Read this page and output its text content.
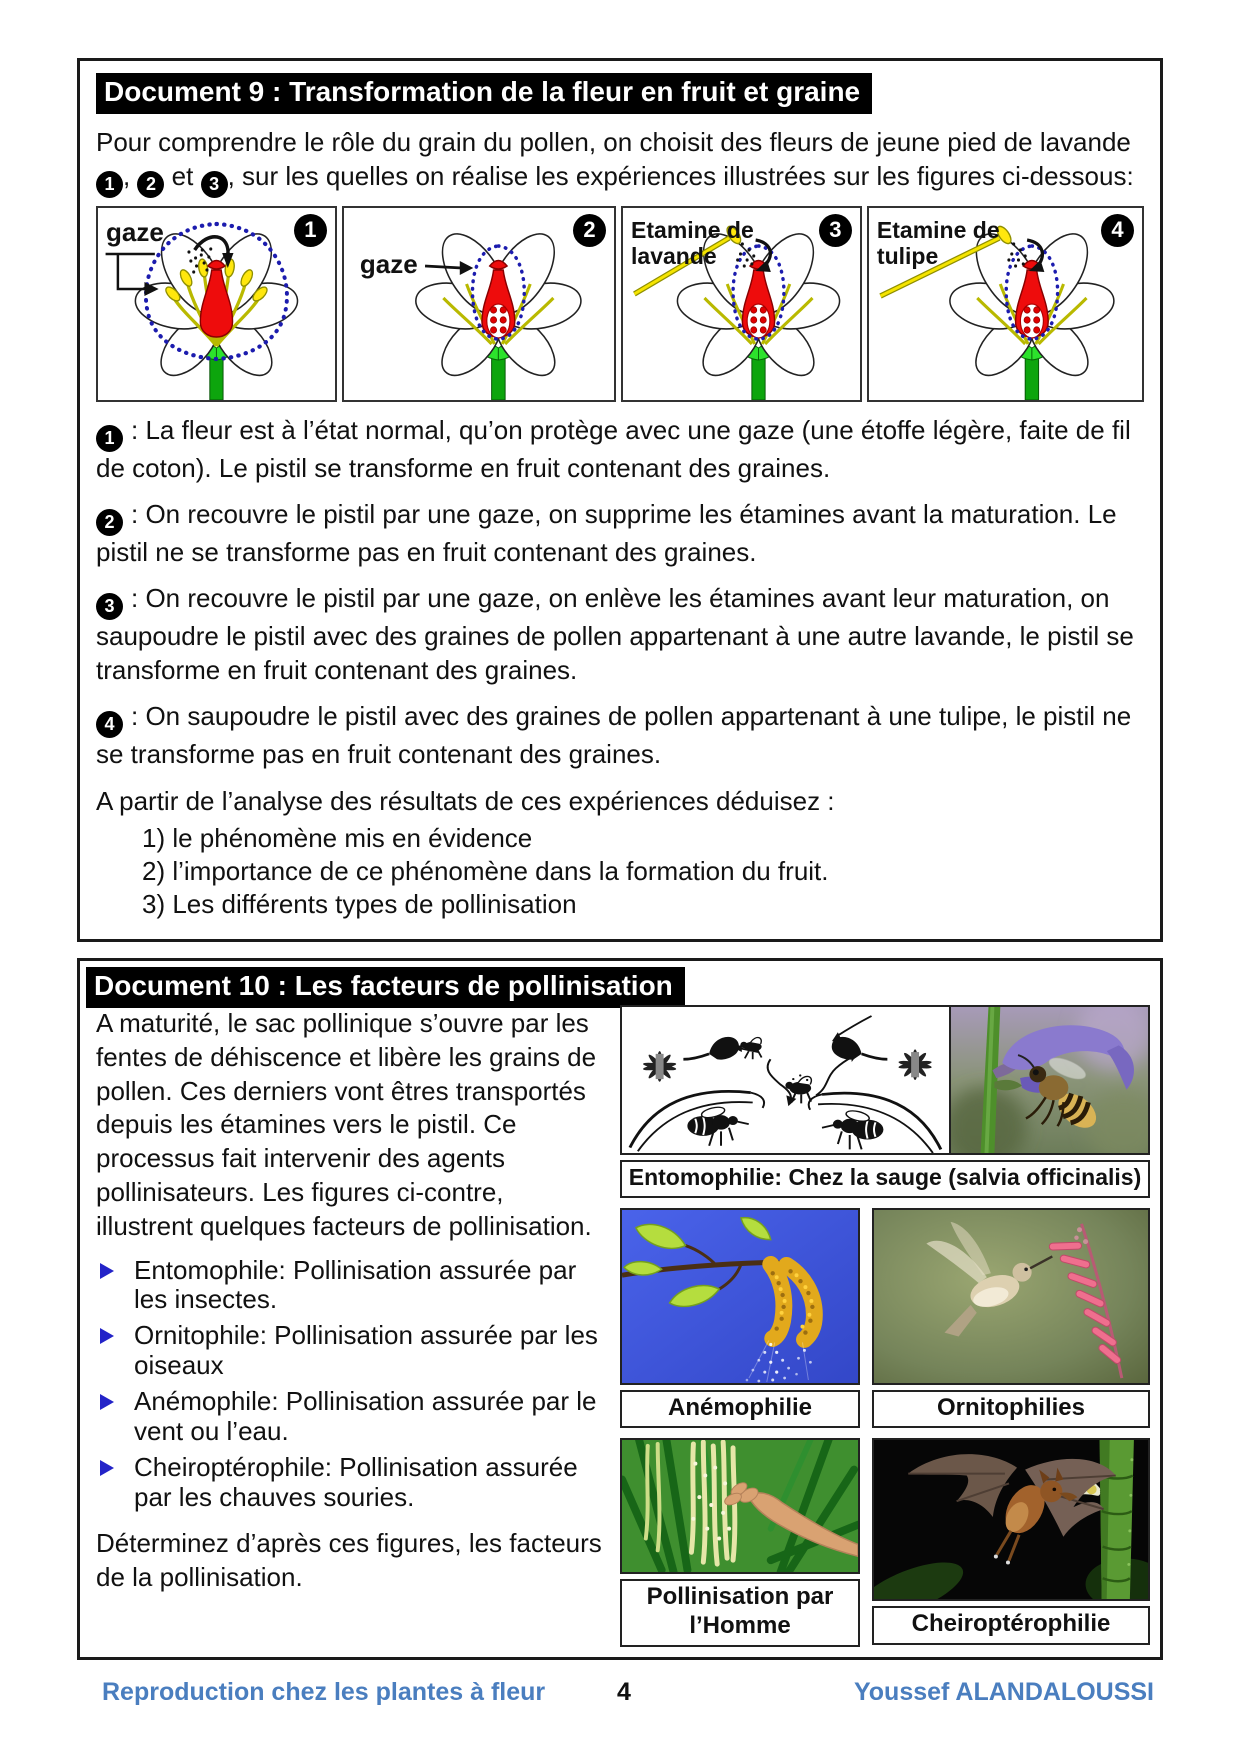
Document 9 : Transformation de la fleur en fruit et graine

Pour comprendre le rôle du grain du pollen, on choisit des fleurs de jeune pied de lavande 1 , 2 et 3 , sur les quelles on réalise les expériences illustrées sur les figures ci-dessous:

gaze	1
gaze
2	Etamine de lavande
3	Etamine de tulipe
4

1 : La fleur est à l’état normal, qu’on protège avec une gaze (une étoffe légère, faite de fil de coton). Le pistil se transforme en fruit contenant des graines.

2 : On recouvre le pistil par une gaze, on supprime les étamines avant la maturation. Le pistil ne se transforme pas en fruit contenant des graines.

3 : On recouvre le pistil par une gaze, on enlève les étamines avant leur maturation, on saupoudre le pistil avec des graines de pollen appartenant à une autre lavande, le pistil se transforme en fruit contenant des graines.

4 : On saupoudre le pistil avec des graines de pollen appartenant à une tulipe, le pistil ne se transforme pas en fruit contenant des graines.

A partir de l’analyse des résultats de ces expériences déduisez :

1) le phénomène mis en évidence
2) l’importance de ce phénomène dans la formation du fruit.
3) Les différents types de pollinisation
Document 10 : Les facteurs de pollinisation

A maturité, le sac pollinique s’ouvre par les fentes de déhiscence et libère les grains de pollen. Ces derniers vont êtres transportés depuis les étamines vers le pistil. Ce processus fait intervenir des agents pollinisateurs. Les figures ci-contre, illustrent quelques facteurs de pollinisation.

Entomophile: Pollinisation assurée par les insectes.
Ornitophile: Pollinisation assurée par les oiseaux
Anémophile: Pollinisation assurée par le vent ou l’eau.
Cheiroptérophile: Pollinisation assurée par les chauves souries.

Déterminez d’après ces figures, les facteurs de la pollinisation.

Entomophilie: Chez la sauge (salvia officinalis)
Anémophilie	Ornitophilies
Pollinisation par l’Homme	Cheiroptérophilie
Reproduction chez les plantes à fleur	4	Youssef ALANDALOUSSI
